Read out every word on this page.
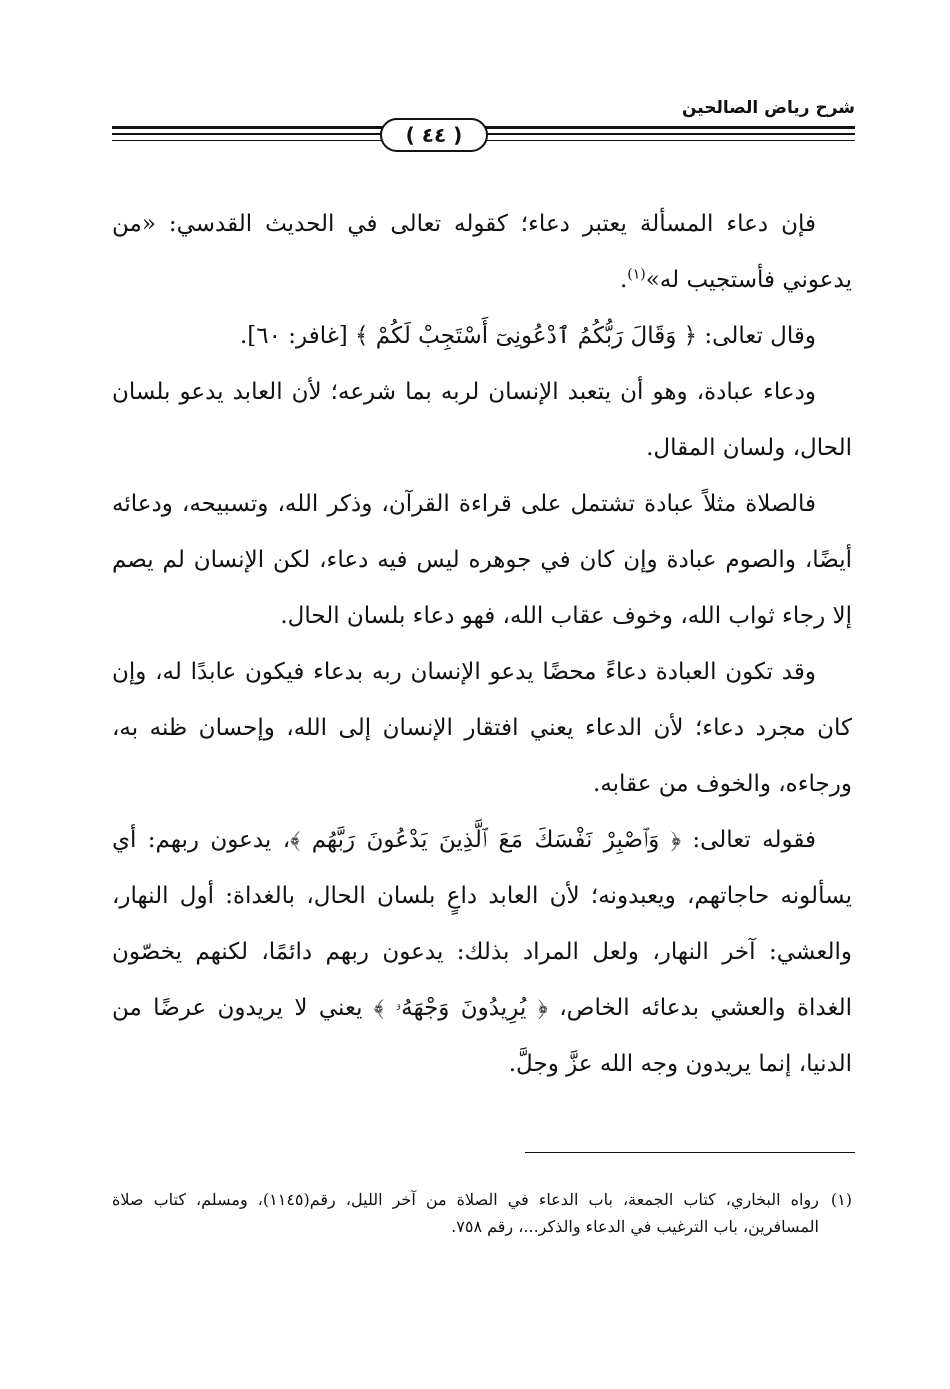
شرح رياض الصالحين
( ٤٤ )

فإن دعاء المسألة يعتبر دعاء؛ كقوله تعالى في الحديث القدسي: «من يدعوني فأستجيب له»$^{(١)}$.

وقال تعالى: ﴿ وَقَالَ رَبُّكُمُ ٱدْعُونِىٓ أَسْتَجِبْ لَكُمْ ﴾ [غافر: ٦٠].

ودعاء عبادة، وهو أن يتعبد الإنسان لربه بما شرعه؛ لأن العابد يدعو بلسان الحال، ولسان المقال.

فالصلاة مثلاً عبادة تشتمل على قراءة القرآن، وذكر الله، وتسبيحه، ودعائه أيضًا، والصوم عبادة وإن كان في جوهره ليس فيه دعاء، لكن الإنسان لم يصم إلا رجاء ثواب الله، وخوف عقاب الله، فهو دعاء بلسان الحال.

وقد تكون العبادة دعاءً محضًا يدعو الإنسان ربه بدعاء فيكون عابدًا له، وإن كان مجرد دعاء؛ لأن الدعاء يعني افتقار الإنسان إلى الله، وإحسان ظنه به، ورجاءه، والخوف من عقابه.

فقوله تعالى: ﴿ وَٱصْبِرْ نَفْسَكَ مَعَ ٱلَّذِينَ يَدْعُونَ رَبَّهُم ﴾، يدعون ربهم: أي يسألونه حاجاتهم، ويعبدونه؛ لأن العابد داعٍ بلسان الحال، بالغداة: أول النهار، والعشي: آخر النهار، ولعل المراد بذلك: يدعون ربهم دائمًا، لكنهم يخصّون الغداة والعشي بدعائه الخاص، ﴿ يُرِيدُونَ وَجْهَهُۥ ﴾ يعني لا يريدون عرضًا من الدنيا، إنما يريدون وجه الله عزَّ وجلَّ.

(١)
رواه البخاري، كتاب الجمعة، باب الدعاء في الصلاة من آخر الليل، رقم(١١٤٥)، ومسلم، كتاب صلاة المسافرين، باب الترغيب في الدعاء والذكر...، رقم ٧٥٨.
